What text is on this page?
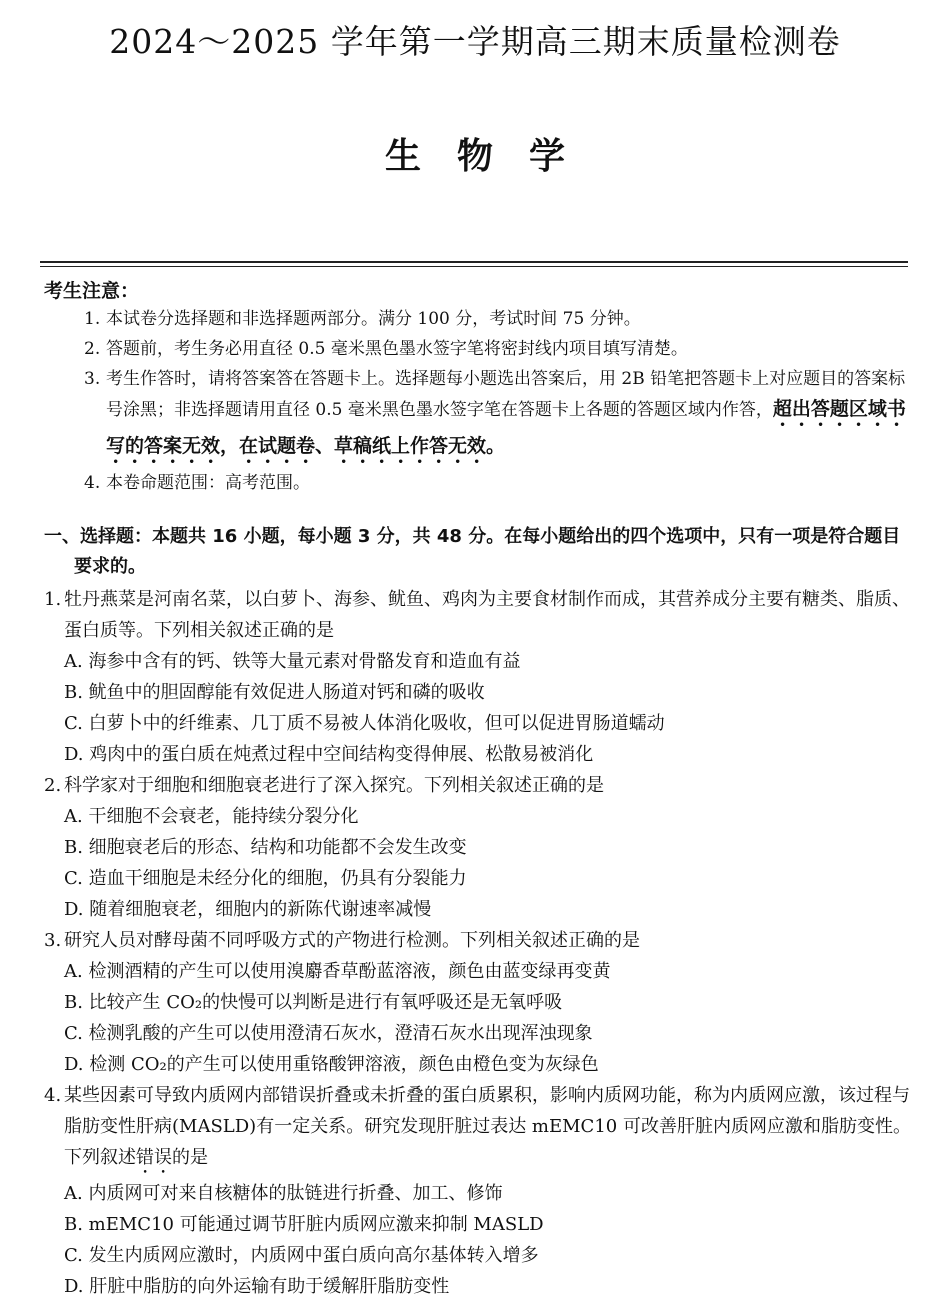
2024～2025 学年第一学期高三期末质量检测卷
生物学
考生注意：

1. 本试卷分选择题和非选择题两部分。满分 100 分，考试时间 75 分钟。

2. 答题前，考生务必用直径 0.5 毫米黑色墨水签字笔将密封线内项目填写清楚。

3. 考生作答时，请将答案答在答题卡上。选择题每小题选出答案后，用 2B 铅笔把答题卡上对应题目的答案标号涂黑；非选择题请用直径 0.5 毫米黑色墨水签字笔在答题卡上各题的答题区域内作答，超出答题区域书写的答案无效，在试题卷、草稿纸上作答无效。

4. 本卷命题范围：高考范围。

一、选择题：本题共 16 小题，每小题 3 分，共 48 分。在每小题给出的四个选项中，只有一项是符合题目要求的。

1. 牡丹燕菜是河南名菜，以白萝卜、海参、鱿鱼、鸡肉为主要食材制作而成，其营养成分主要有糖类、脂质、蛋白质等。下列相关叙述正确的是

A. 海参中含有的钙、铁等大量元素对骨骼发育和造血有益

B. 鱿鱼中的胆固醇能有效促进人肠道对钙和磷的吸收

C. 白萝卜中的纤维素、几丁质不易被人体消化吸收，但可以促进胃肠道蠕动

D. 鸡肉中的蛋白质在炖煮过程中空间结构变得伸展、松散易被消化

2. 科学家对于细胞和细胞衰老进行了深入探究。下列相关叙述正确的是

A. 干细胞不会衰老，能持续分裂分化

B. 细胞衰老后的形态、结构和功能都不会发生改变

C. 造血干细胞是未经分化的细胞，仍具有分裂能力

D. 随着细胞衰老，细胞内的新陈代谢速率减慢

3. 研究人员对酵母菌不同呼吸方式的产物进行检测。下列相关叙述正确的是

A. 检测酒精的产生可以使用溴麝香草酚蓝溶液，颜色由蓝变绿再变黄

B. 比较产生 CO₂的快慢可以判断是进行有氧呼吸还是无氧呼吸

C. 检测乳酸的产生可以使用澄清石灰水，澄清石灰水出现浑浊现象

D. 检测 CO₂的产生可以使用重铬酸钾溶液，颜色由橙色变为灰绿色

4. 某些因素可导致内质网内部错误折叠或未折叠的蛋白质累积，影响内质网功能，称为内质网应激，该过程与脂肪变性肝病(MASLD)有一定关系。研究发现肝脏过表达 mEMC10 可改善肝脏内质网应激和脂肪变性。下列叙述错误的是

A. 内质网可对来自核糖体的肽链进行折叠、加工、修饰

B. mEMC10 可能通过调节肝脏内质网应激来抑制 MASLD

C. 发生内质网应激时，内质网中蛋白质向高尔基体转入增多

D. 肝脏中脂肪的向外运输有助于缓解肝脂肪变性
